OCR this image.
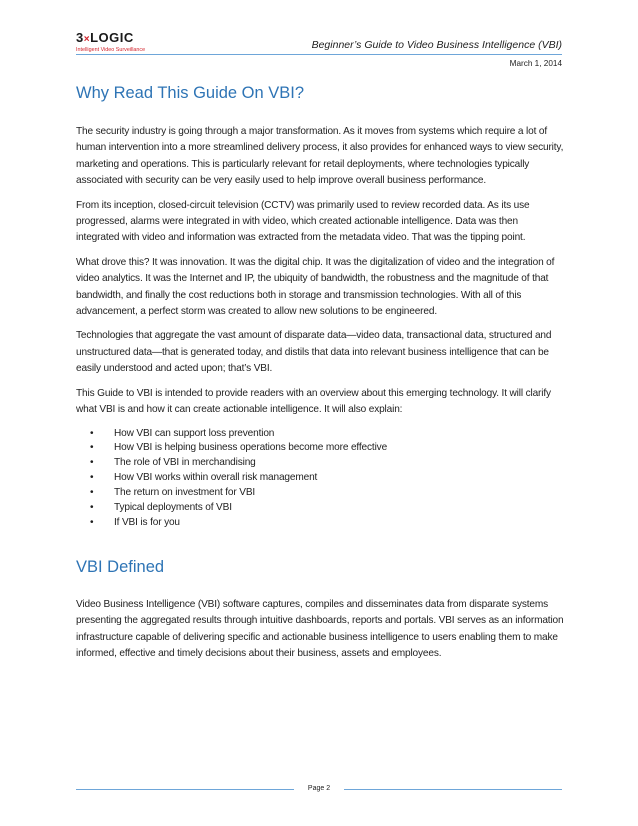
3×LOGIC
Intelligent Video Surveillance	Beginner’s Guide to Video Business Intelligence (VBI)
March 1, 2014
Why Read This Guide On VBI?

The security industry is going through a major transformation. As it moves from systems which require a lot of human intervention into a more streamlined delivery process, it also provides for enhanced ways to view security, marketing and operations. This is particularly relevant for retail deployments, where technologies typically associated with security can be very easily used to help improve overall business performance.

From its inception, closed-circuit television (CCTV) was primarily used to review recorded data. As its use progressed, alarms were integrated in with video, which created actionable intelligence. Data was then integrated with video and information was extracted from the metadata video. That was the tipping point.

What drove this? It was innovation. It was the digital chip. It was the digitalization of video and the integration of video analytics. It was the Internet and IP, the ubiquity of bandwidth, the robustness and the magnitude of that bandwidth, and finally the cost reductions both in storage and transmission technologies. With all of this advancement, a perfect storm was created to allow new solutions to be engineered.

Technologies that aggregate the vast amount of disparate data—video data, transactional data, structured and unstructured data—that is generated today, and distils that data into relevant business intelligence that can be easily understood and acted upon; that’s VBI.

This Guide to VBI is intended to provide readers with an overview about this emerging technology. It will clarify what VBI is and how it can create actionable intelligence. It will also explain:

• How VBI can support loss prevention
• How VBI is helping business operations become more effective
• The role of VBI in merchandising
• How VBI works within overall risk management
• The return on investment for VBI
• Typical deployments of VBI
• If VBI is for you
VBI Defined

Video Business Intelligence (VBI) software captures, compiles and disseminates data from disparate systems presenting the aggregated results through intuitive dashboards, reports and portals. VBI serves as an information infrastructure capable of delivering specific and actionable business intelligence to users enabling them to make informed, effective and timely decisions about their business, assets and employees.

Page 2
